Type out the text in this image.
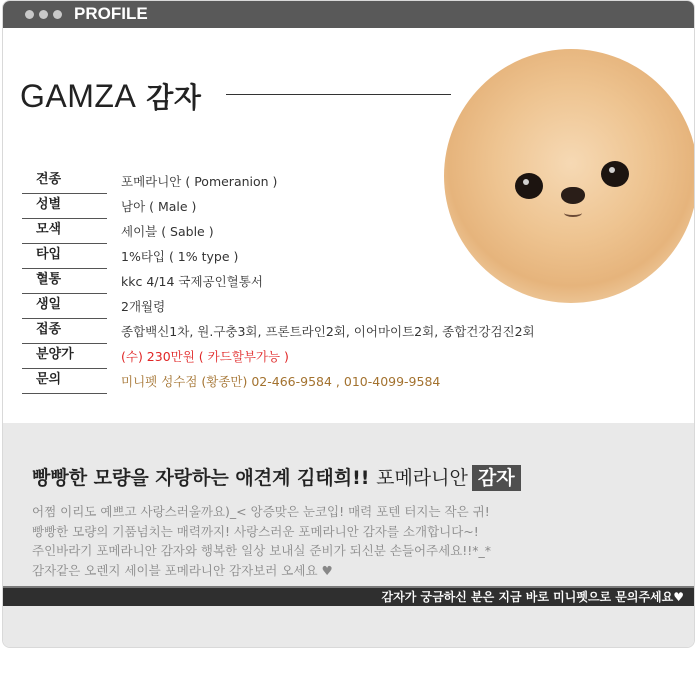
PROFILE
GAMZA 감자
견종	포메라니안 ( Pomeranion )
성별	남아 ( Male )
모색	세이블 ( Sable )
타입	1%타입 ( 1% type )
혈통	kkc 4/14 국제공인혈통서
생일	2개월령
접종	종합백신1차, 원.구충3회, 프론트라인2회, 이어마이트2회, 종합건강검진2회
분양가	(수) 230만원 ( 카드할부가능 )
문의	미니펫 성수점 (황종만) 02-466-9584 , 010-4099-9584
빵빵한 모량을 자랑하는 애견계 김태희!! 포메라니안 감자
어쩜 이리도 예쁘고 사랑스러울까요)_< 앙증맞은 눈코입! 매력 포텐 터지는 작은 귀!
빵빵한 모량의 기품넘치는 매력까지! 사랑스러운 포메라니안 감자를 소개합니다~!
주인바라기 포메라니안 감자와 행복한 일상 보내실 준비가 되신분 손들어주세요!!*_*
감자같은 오렌지 세이블 포메라니안 감자보러 오세요 ♥
감자가 궁금하신 분은 지금 바로 미니펫으로 문의주세요♥
